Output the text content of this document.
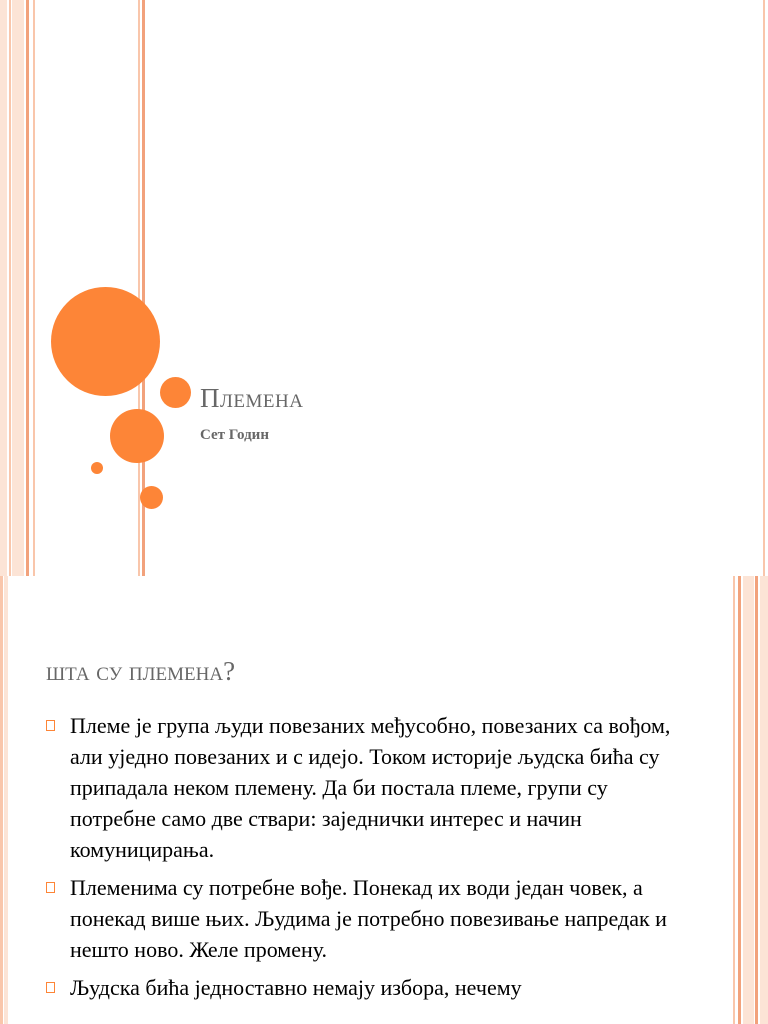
Племена
Сет Годин
шта су племена?
Племе је група људи повезаних међусобно, повезаних са вођом, али уједно повезаних и с идејо. Током историје људска бића су припадала неком племену. Да би постала племе, групи су потребне само две ствари: заједнички интерес и начин комуницирања.
Племенима су потребне вође. Понекад их води један човек, а понекад више њих. Људима је потребно повезивање напредак и нешто ново. Желе промену.
Људска бића једноставно немају избора, нечему
